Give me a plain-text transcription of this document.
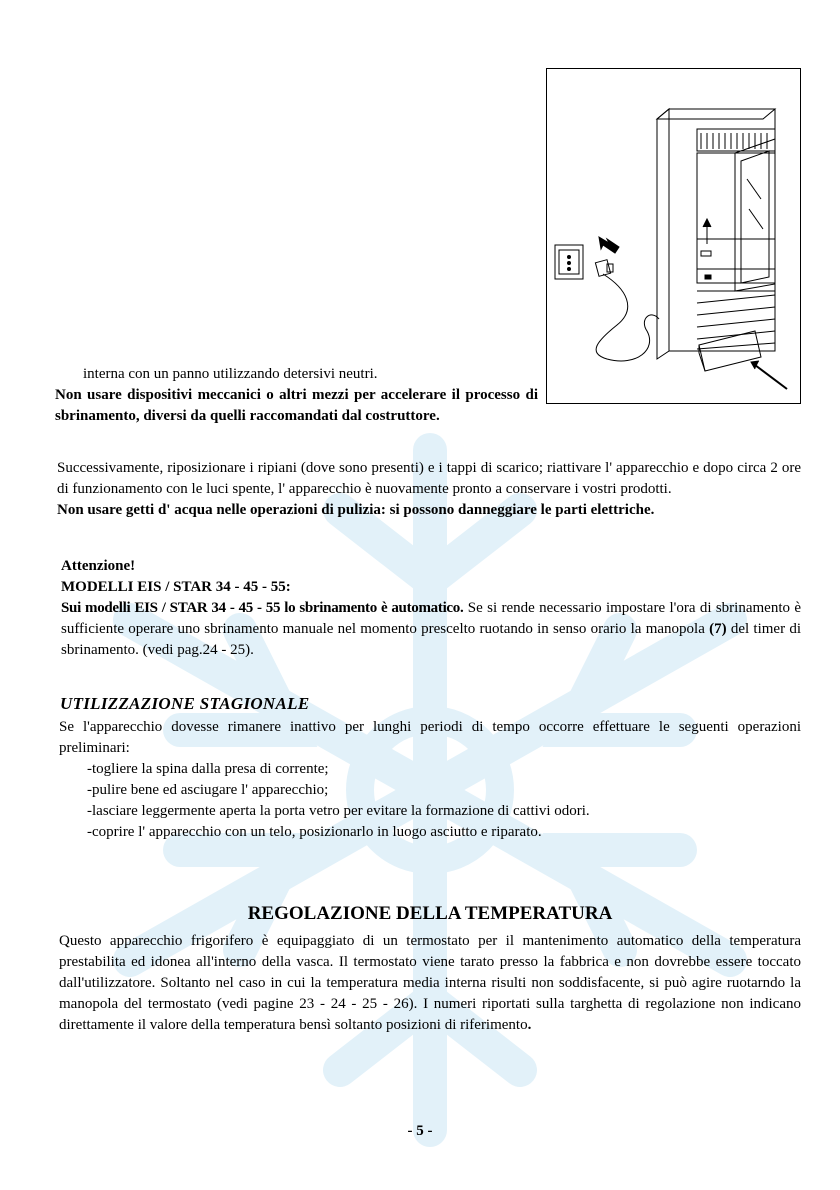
interna con un panno utilizzando detersivi neutri.
Non usare dispositivi meccanici o altri mezzi per accelerare il processo di sbrinamento, diversi da quelli raccomandati dal costruttore.
Successivamente, riposizionare i ripiani (dove sono presenti) e i tappi di scarico; riattivare l' apparecchio e dopo circa 2 ore di funzionamento con le luci spente, l' apparecchio è nuovamente pronto a conservare i vostri prodotti.
Non usare getti d' acqua nelle operazioni di pulizia: si possono danneggiare le parti elettriche.
Attenzione!
MODELLI EIS / STAR 34 - 45 - 55:
Sui modelli EIS / STAR 34 - 45 - 55 lo sbrinamento è automatico. Se si rende necessario impostare l'ora di sbrinamento è sufficiente operare uno sbrinamento manuale nel momento prescelto ruotando in senso orario la manopola (7) del timer di sbrinamento. (vedi pag.24 - 25).
UTILIZZAZIONE STAGIONALE
Se l'apparecchio dovesse rimanere inattivo per lunghi periodi di tempo occorre effettuare le seguenti operazioni preliminari:
-togliere la spina dalla presa di corrente;
-pulire bene ed asciugare l' apparecchio;
-lasciare leggermente aperta la porta vetro per evitare la formazione di cattivi odori.
-coprire l' apparecchio con un telo, posizionarlo in luogo asciutto e riparato.
REGOLAZIONE DELLA TEMPERATURA
Questo apparecchio frigorifero è equipaggiato di un termostato per il mantenimento automatico della temperatura prestabilita ed idonea all'interno della vasca. Il termostato viene tarato presso la fabbrica e non dovrebbe essere toccato dall'utilizzatore. Soltanto nel caso in cui la temperatura media interna risulti non soddisfacente, si può agire ruotarndo la manopola del termostato (vedi pagine 23 - 24 - 25 - 26). I numeri riportati sulla targhetta di regolazione non indicano direttamente il valore della temperatura bensì soltanto posizioni di riferimento.
- 5 -
